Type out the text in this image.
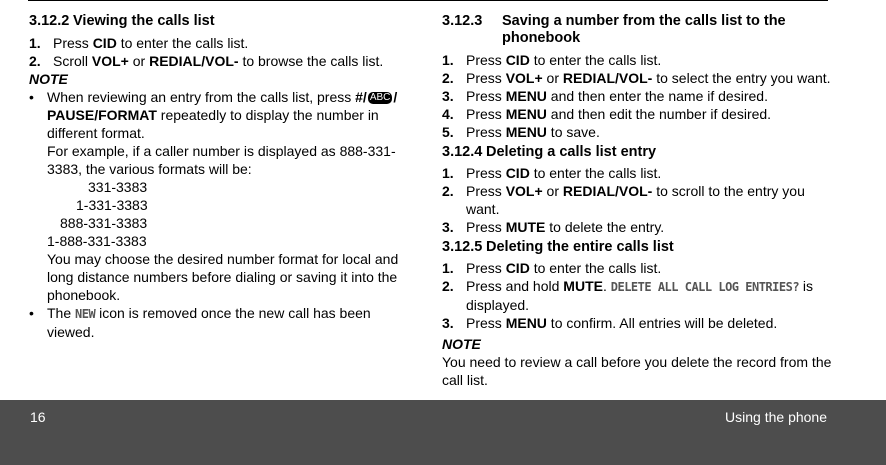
3.12.2 Viewing the calls list
1. Press CID to enter the calls list.
2. Scroll VOL+ or REDIAL/VOL- to browse the calls list.
NOTE
• When reviewing an entry from the calls list, press #/ ABC / PAUSE/FORMAT repeatedly to display the number in different format.

For example, if a caller number is displayed as 888-331-3383, the various formats will be:

331-3383
1-331-3383
888-331-3383
1-888-331-3383

You may choose the desired number format for local and long distance numbers before dialing or saving it into the phonebook.

• The NEW icon is removed once the new call has been viewed.

3.12.3	Saving a number from the calls list to the phonebook
1. Press CID to enter the calls list.
2. Press VOL+ or REDIAL/VOL- to select the entry you want.
3. Press MENU and then enter the name if desired.
4. Press MENU and then edit the number if desired.
5. Press MENU to save.
3.12.4 Deleting a calls list entry
1. Press CID to enter the calls list.
2. Press VOL+ or REDIAL/VOL- to scroll to the entry you want.
3. Press MUTE to delete the entry.
3.12.5 Deleting the entire calls list
1. Press CID to enter the calls list.
2. Press and hold MUTE. DELETE ALL CALL LOG ENTRIES? is displayed.
3. Press MENU to confirm. All entries will be deleted.
NOTE

You need to review a call before you delete the record from the call list.

16	Using the phone
